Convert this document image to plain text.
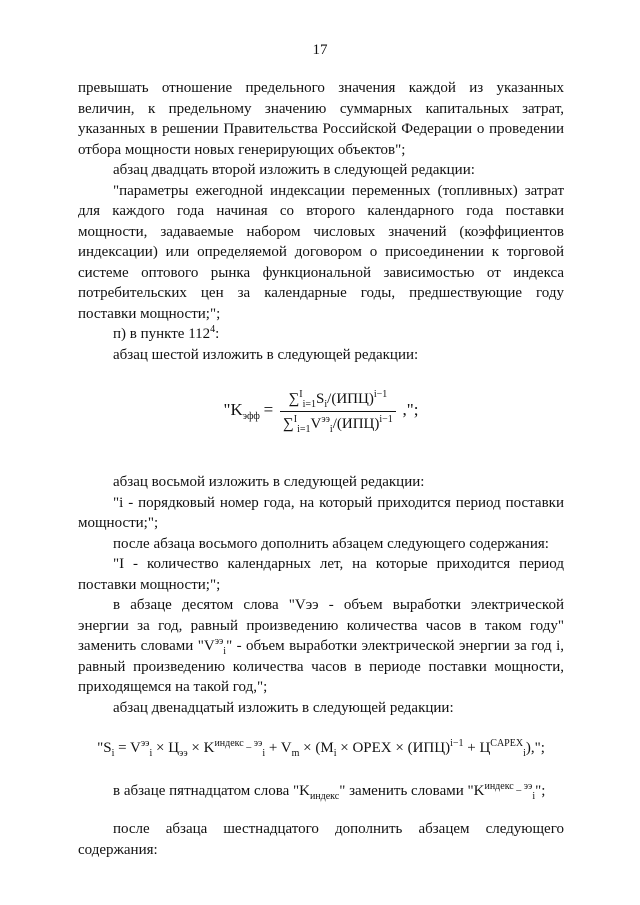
17

превышать отношение предельного значения каждой из указанных величин, к предельному значению суммарных капитальных затрат, указанных в решении Правительства Российской Федерации о проведении отбора мощности новых генерирующих объектов";

абзац двадцать второй изложить в следующей редакции:

"параметры ежегодной индексации переменных (топливных) затрат для каждого года начиная со второго календарного года поставки мощности, задаваемые набором числовых значений (коэффициентов индексации) или определяемой договором о присоединении к торговой системе оптового рынка функциональной зависимостью от индекса потребительских цен за календарные годы, предшествующие году поставки мощности;";

п) в пункте $112^4$:

абзац шестой изложить в следующей редакции:

"$K_{эфф} = \frac{\sum^I_{i=1}S_i/(ИПЦ)^{i-1}}{\sum^I_{i=1}V^{ээ}_i/(ИПЦ)^{i-1}}$ ,";

абзац восьмой изложить в следующей редакции:

"i - порядковый номер года, на который приходится период поставки мощности;";

после абзаца восьмого дополнить абзацем следующего содержания:

"I - количество календарных лет, на которые приходится период поставки мощности;";

в абзаце десятом слова "Vээ - объем выработки электрической энергии за год, равный произведению количества часов в таком году" заменить словами "$V^{ээ}_i$" - объем выработки электрической энергии за год i, равный произведению количества часов в периоде поставки мощности, приходящемся на такой год,";

абзац двенадцатый изложить в следующей редакции:

"$S_i = V^{ээ}_i \times Ц_{ээ} \times K^{индекс \_ ээ}_i + V_m \times (M_i$ × OPEX × $(ИПЦ)^{i-1} + Ц^{CAPEX}_i$),";

в абзаце пятнадцатом слова "$K_{индекс}$" заменить словами "$K^{индекс \_ ээ}_i$";

после абзаца шестнадцатого дополнить абзацем следующего содержания:
